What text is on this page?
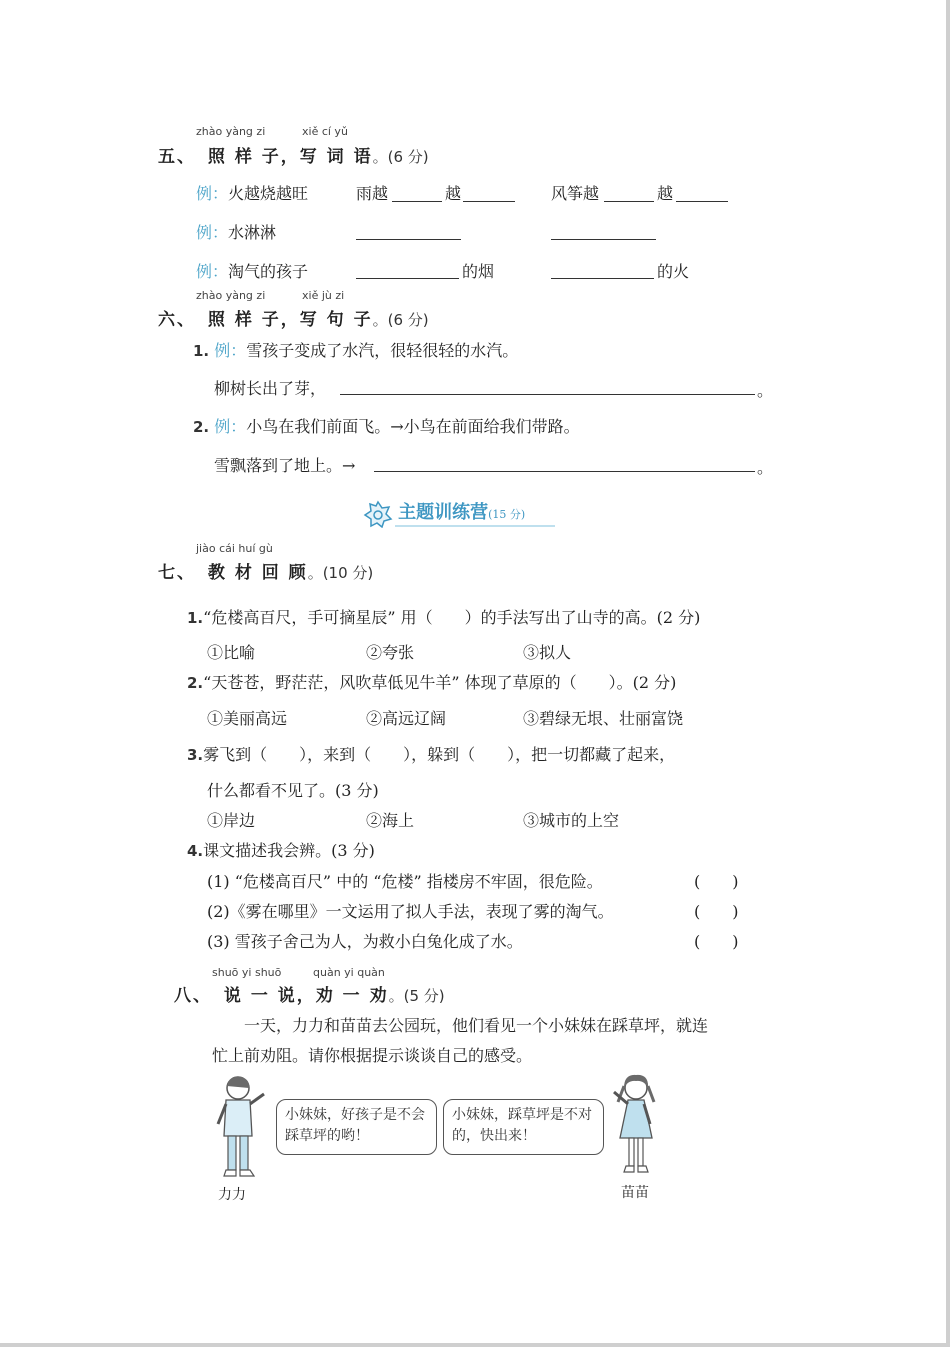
zhào yàng zi	xiě cí yǔ
五、 照 样 子，写 词 语。(6 分)
例：火越烧越旺	雨越	越	风筝越	越
例：水淋淋
例：淘气的孩子	的烟	的火
zhào yàng zi	xiě jù zi
六、 照 样 子，写 句 子。(6 分)
1. 例：雪孩子变成了水汽，很轻很轻的水汽。
柳树长出了芽，	。
2. 例：小鸟在我们前面飞。→小鸟在前面给我们带路。
雪飘落到了地上。→	。
主题训练营(15 分)
jiào cái huí gù
七、 教 材 回 顾。(10 分)
1.“危楼高百尺，手可摘星辰” 用（　　）的手法写出了山寺的高。(2 分)
①比喻	②夸张	③拟人
2.“天苍苍，野茫茫，风吹草低见牛羊” 体现了草原的（　　）。(2 分)
①美丽高远	②高远辽阔	③碧绿无垠、壮丽富饶
3.雾飞到（　　），来到（　　），躲到（　　），把一切都藏了起来，
什么都看不见了。(3 分)
①岸边	②海上	③城市的上空
4.课文描述我会辨。(3 分)
(1) “危楼高百尺” 中的 “危楼” 指楼房不牢固，很危险。	(　　)
(2)《雾在哪里》一文运用了拟人手法，表现了雾的淘气。	(　　)
(3) 雪孩子舍己为人，为救小白兔化成了水。	(　　)
shuō yi shuō	quàn yi quàn
八、 说 一 说，劝 一 劝。(5 分)
一天，力力和苗苗去公园玩，他们看见一个小妹妹在踩草坪，就连
忙上前劝阻。请你根据提示谈谈自己的感受。
力力
小妹妹，好孩子是不会踩草坪的哟！
小妹妹，踩草坪是不对的，快出来！
苗苗
